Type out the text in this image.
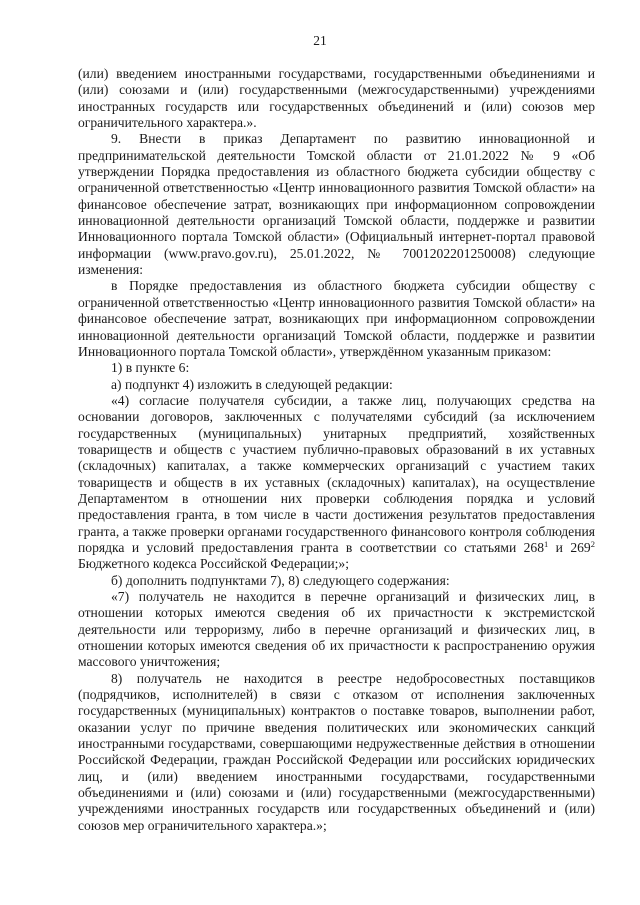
21

(или) введением иностранными государствами, государственными объединениями и (или) союзами и (или) государственными (межгосударственными) учреждениями иностранных государств или государственных объединений и (или) союзов мер ограничительного характера.».

9. Внести в приказ Департамент по развитию инновационной и предпринимательской деятельности Томской области от 21.01.2022 № 9 «Об утверждении Порядка предоставления из областного бюджета субсидии обществу с ограниченной ответственностью «Центр инновационного развития Томской области» на финансовое обеспечение затрат, возникающих при информационном сопровождении инновационной деятельности организаций Томской области, поддержке и развитии Инновационного портала Томской области» (Официальный интернет-портал правовой информации (www.pravo.gov.ru), 25.01.2022, № 7001202201250008) следующие изменения:

в Порядке предоставления из областного бюджета субсидии обществу с ограниченной ответственностью «Центр инновационного развития Томской области» на финансовое обеспечение затрат, возникающих при информационном сопровождении инновационной деятельности организаций Томской области, поддержке и развитии Инновационного портала Томской области», утверждённом указанным приказом:

1) в пункте 6:

а) подпункт 4) изложить в следующей редакции:

«4) согласие получателя субсидии, а также лиц, получающих средства на основании договоров, заключенных с получателями субсидий (за исключением государственных (муниципальных) унитарных предприятий, хозяйственных товариществ и обществ с участием публично-правовых образований в их уставных (складочных) капиталах, а также коммерческих организаций с участием таких товариществ и обществ в их уставных (складочных) капиталах), на осуществление Департаментом в отношении них проверки соблюдения порядка и условий предоставления гранта, в том числе в части достижения результатов предоставления гранта, а также проверки органами государственного финансового контроля соблюдения порядка и условий предоставления гранта в соответствии со статьями $268^1$ и $269^2$ Бюджетного кодекса Российской Федерации;»;

б) дополнить подпунктами 7), 8) следующего содержания:

«7) получатель не находится в перечне организаций и физических лиц, в отношении которых имеются сведения об их причастности к экстремистской деятельности или терроризму, либо в перечне организаций и физических лиц, в отношении которых имеются сведения об их причастности к распространению оружия массового уничтожения;

8) получатель не находится в реестре недобросовестных поставщиков (подрядчиков, исполнителей) в связи с отказом от исполнения заключенных государственных (муниципальных) контрактов о поставке товаров, выполнении работ, оказании услуг по причине введения политических или экономических санкций иностранными государствами, совершающими недружественные действия в отношении Российской Федерации, граждан Российской Федерации или российских юридических лиц, и (или) введением иностранными государствами, государственными объединениями и (или) союзами и (или) государственными (межгосударственными) учреждениями иностранных государств или государственных объединений и (или) союзов мер ограничительного характера.»;
